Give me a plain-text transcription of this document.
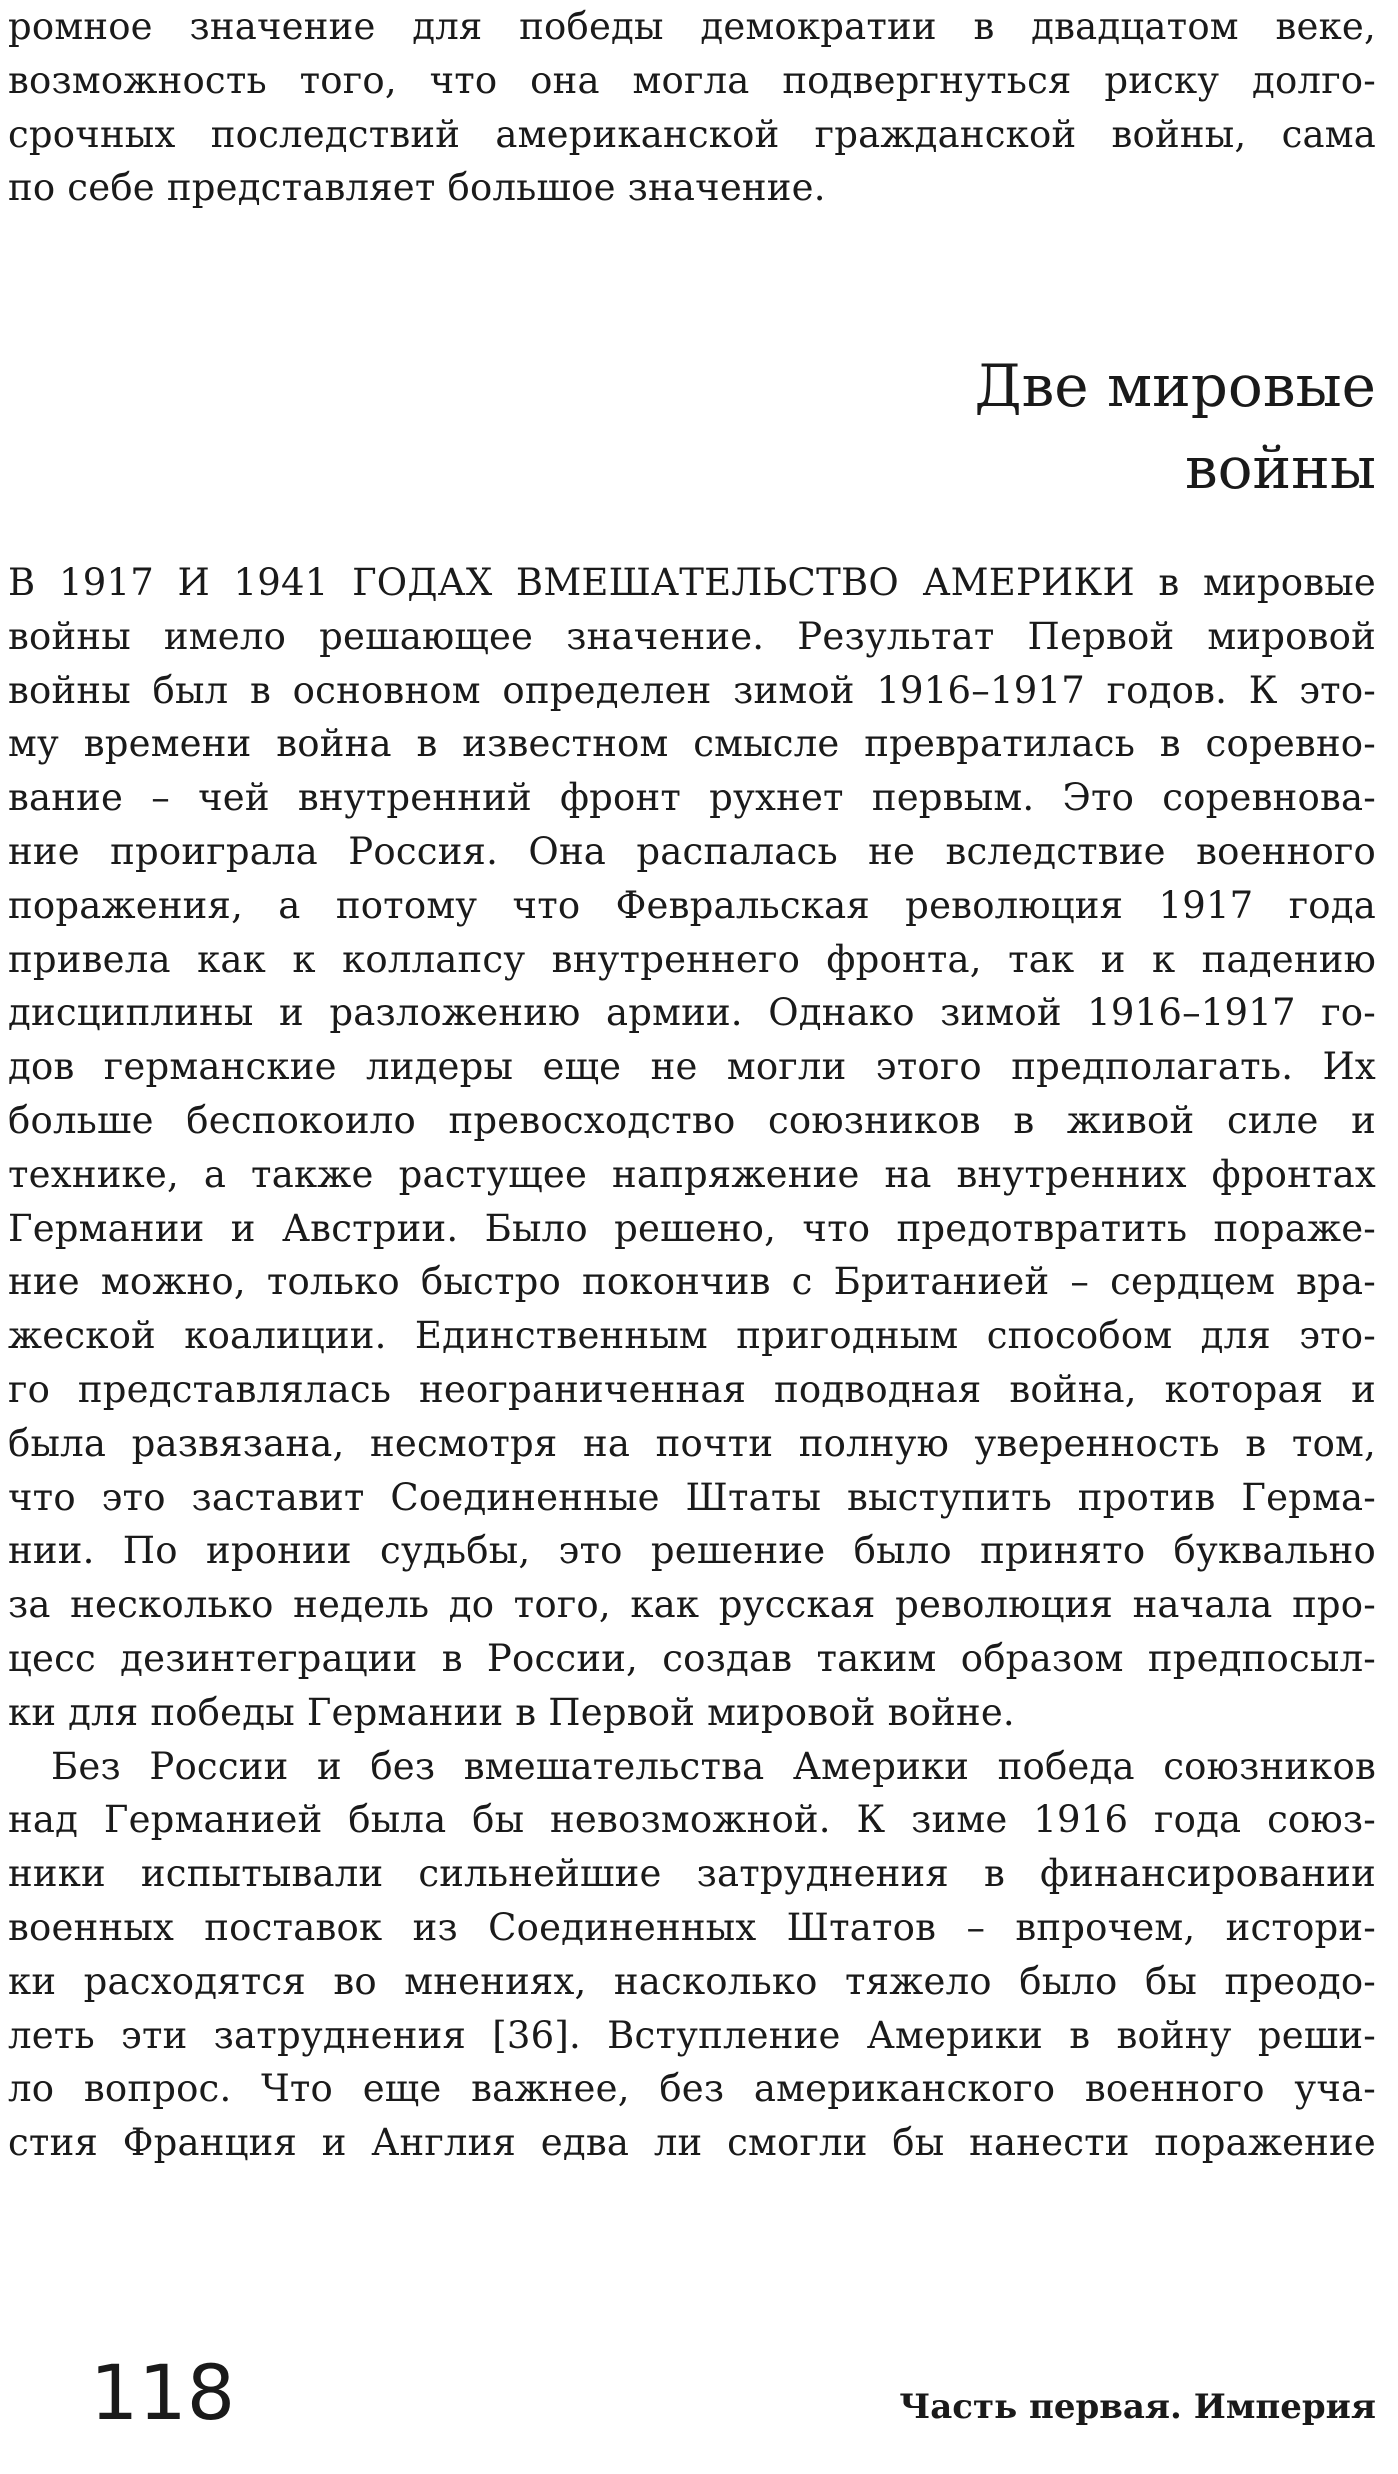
ромное значение для победы демократии в двадцатом веке,
возможность того, что она могла подвергнуться риску долго-
срочных последствий американской гражданской войны, сама
по себе представляет большое значение.
Две мировые
войны
В 1917 И 1941 ГОДАХ ВМЕШАТЕЛЬСТВО АМЕРИКИ в мировые
войны имело решающее значение. Результат Первой мировой
войны был в основном определен зимой 1916–1917 годов. К это-
му времени война в известном смысле превратилась в соревно-
вание – чей внутренний фронт рухнет первым. Это соревнова-
ние проиграла Россия. Она распалась не вследствие военного
поражения, а потому что Февральская революция 1917 года
привела как к коллапсу внутреннего фронта, так и к падению
дисциплины и разложению армии. Однако зимой 1916–1917 го-
дов германские лидеры еще не могли этого предполагать. Их
больше беспокоило превосходство союзников в живой силе и
технике, а также растущее напряжение на внутренних фронтах
Германии и Австрии. Было решено, что предотвратить пораже-
ние можно, только быстро покончив с Британией – сердцем вра-
жеской коалиции. Единственным пригодным способом для это-
го представлялась неограниченная подводная война, которая и
была развязана, несмотря на почти полную уверенность в том,
что это заставит Соединенные Штаты выступить против Герма-
нии. По иронии судьбы, это решение было принято буквально
за несколько недель до того, как русская революция начала про-
цесс дезинтеграции в России, создав таким образом предпосыл-
ки для победы Германии в Первой мировой войне.
Без России и без вмешательства Америки победа союзников
над Германией была бы невозможной. К зиме 1916 года союз-
ники испытывали сильнейшие затруднения в финансировании
военных поставок из Соединенных Штатов – впрочем, истори-
ки расходятся во мнениях, насколько тяжело было бы преодо-
леть эти затруднения [36]. Вступление Америки в войну реши-
ло вопрос. Что еще важнее, без американского военного уча-
стия Франция и Англия едва ли смогли бы нанести поражение
118	Часть первая. Империя
